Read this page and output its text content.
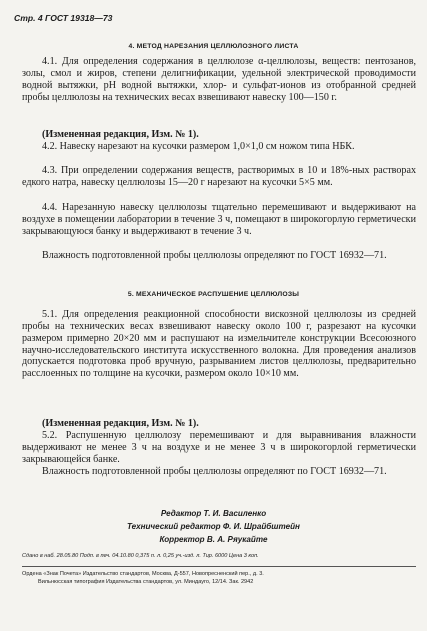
Стр. 4 ГОСТ 19318—73
4. МЕТОД НАРЕЗАНИЯ ЦЕЛЛЮЛОЗНОГО ЛИСТА
4.1. Для определения содержания в целлюлозе α-целлюлозы, веществ: пентозанов, золы, смол и жиров, степени делигнификации, удельной электрической проводимости водной вытяжки, pH водной вытяжки, хлор- и сульфат-ионов из отобранной средней пробы целлюлозы на технических весах взвешивают навеску 100—150 г.
(Измененная редакция, Изм. № 1).
4.2. Навеску нарезают на кусочки размером 1,0×1,0 см ножом типа НБК.
4.3. При определении содержания веществ, растворимых в 10 и 18%-ных растворах едкого натра, навеску целлюлозы 15—20 г нарезают на кусочки 5×5 мм.
4.4. Нарезанную навеску целлюлозы тщательно перемешивают и выдерживают на воздухе в помещении лаборатории в течение 3 ч, помещают в широкогорлую герметически закрывающуюся банку и выдерживают в течение 3 ч.
Влажность подготовленной пробы целлюлозы определяют по ГОСТ 16932—71.
5. МЕХАНИЧЕСКОЕ РАСПУШЕНИЕ ЦЕЛЛЮЛОЗЫ
5.1. Для определения реакционной способности вискозной целлюлозы из средней пробы на технических весах взвешивают навеску около 100 г, разрезают на кусочки размером примерно 20×20 мм и распушают на измельчителе конструкции Всесоюзного научно-исследовательского института искусственного волокна. Для проведения анализов допускается подготовка проб вручную, разрыванием листов целлюлозы, предварительно расслоенных по толщине на кусочки, размером около 10×10 мм.
(Измененная редакция, Изм. № 1).
5.2. Распушенную целлюлозу перемешивают и для выравнивания влажности выдерживают не менее 3 ч на воздухе и не менее 3 ч в широкогорлой герметически закрывающейся банке.
Влажность подготовленной пробы целлюлозы определяют по ГОСТ 16932—71.
Редактор Т. И. Василенко
Технический редактор Ф. И. Шрайбштейн
Корректор В. А. Ряукайте
Сдано в наб. 28.05.80 Подп. в печ. 04.10.80 0,375 п. л. 0,25 уч.-изд. л. Тир. 6000 Цена 3 коп.
Ордена «Знак Почета» Издательство стандартов, Москва, Д-557, Новопресненский пер., д. 3.
Вильнюсская типография Издательства стандартов, ул. Миндауго, 12/14. Зак. 2942
